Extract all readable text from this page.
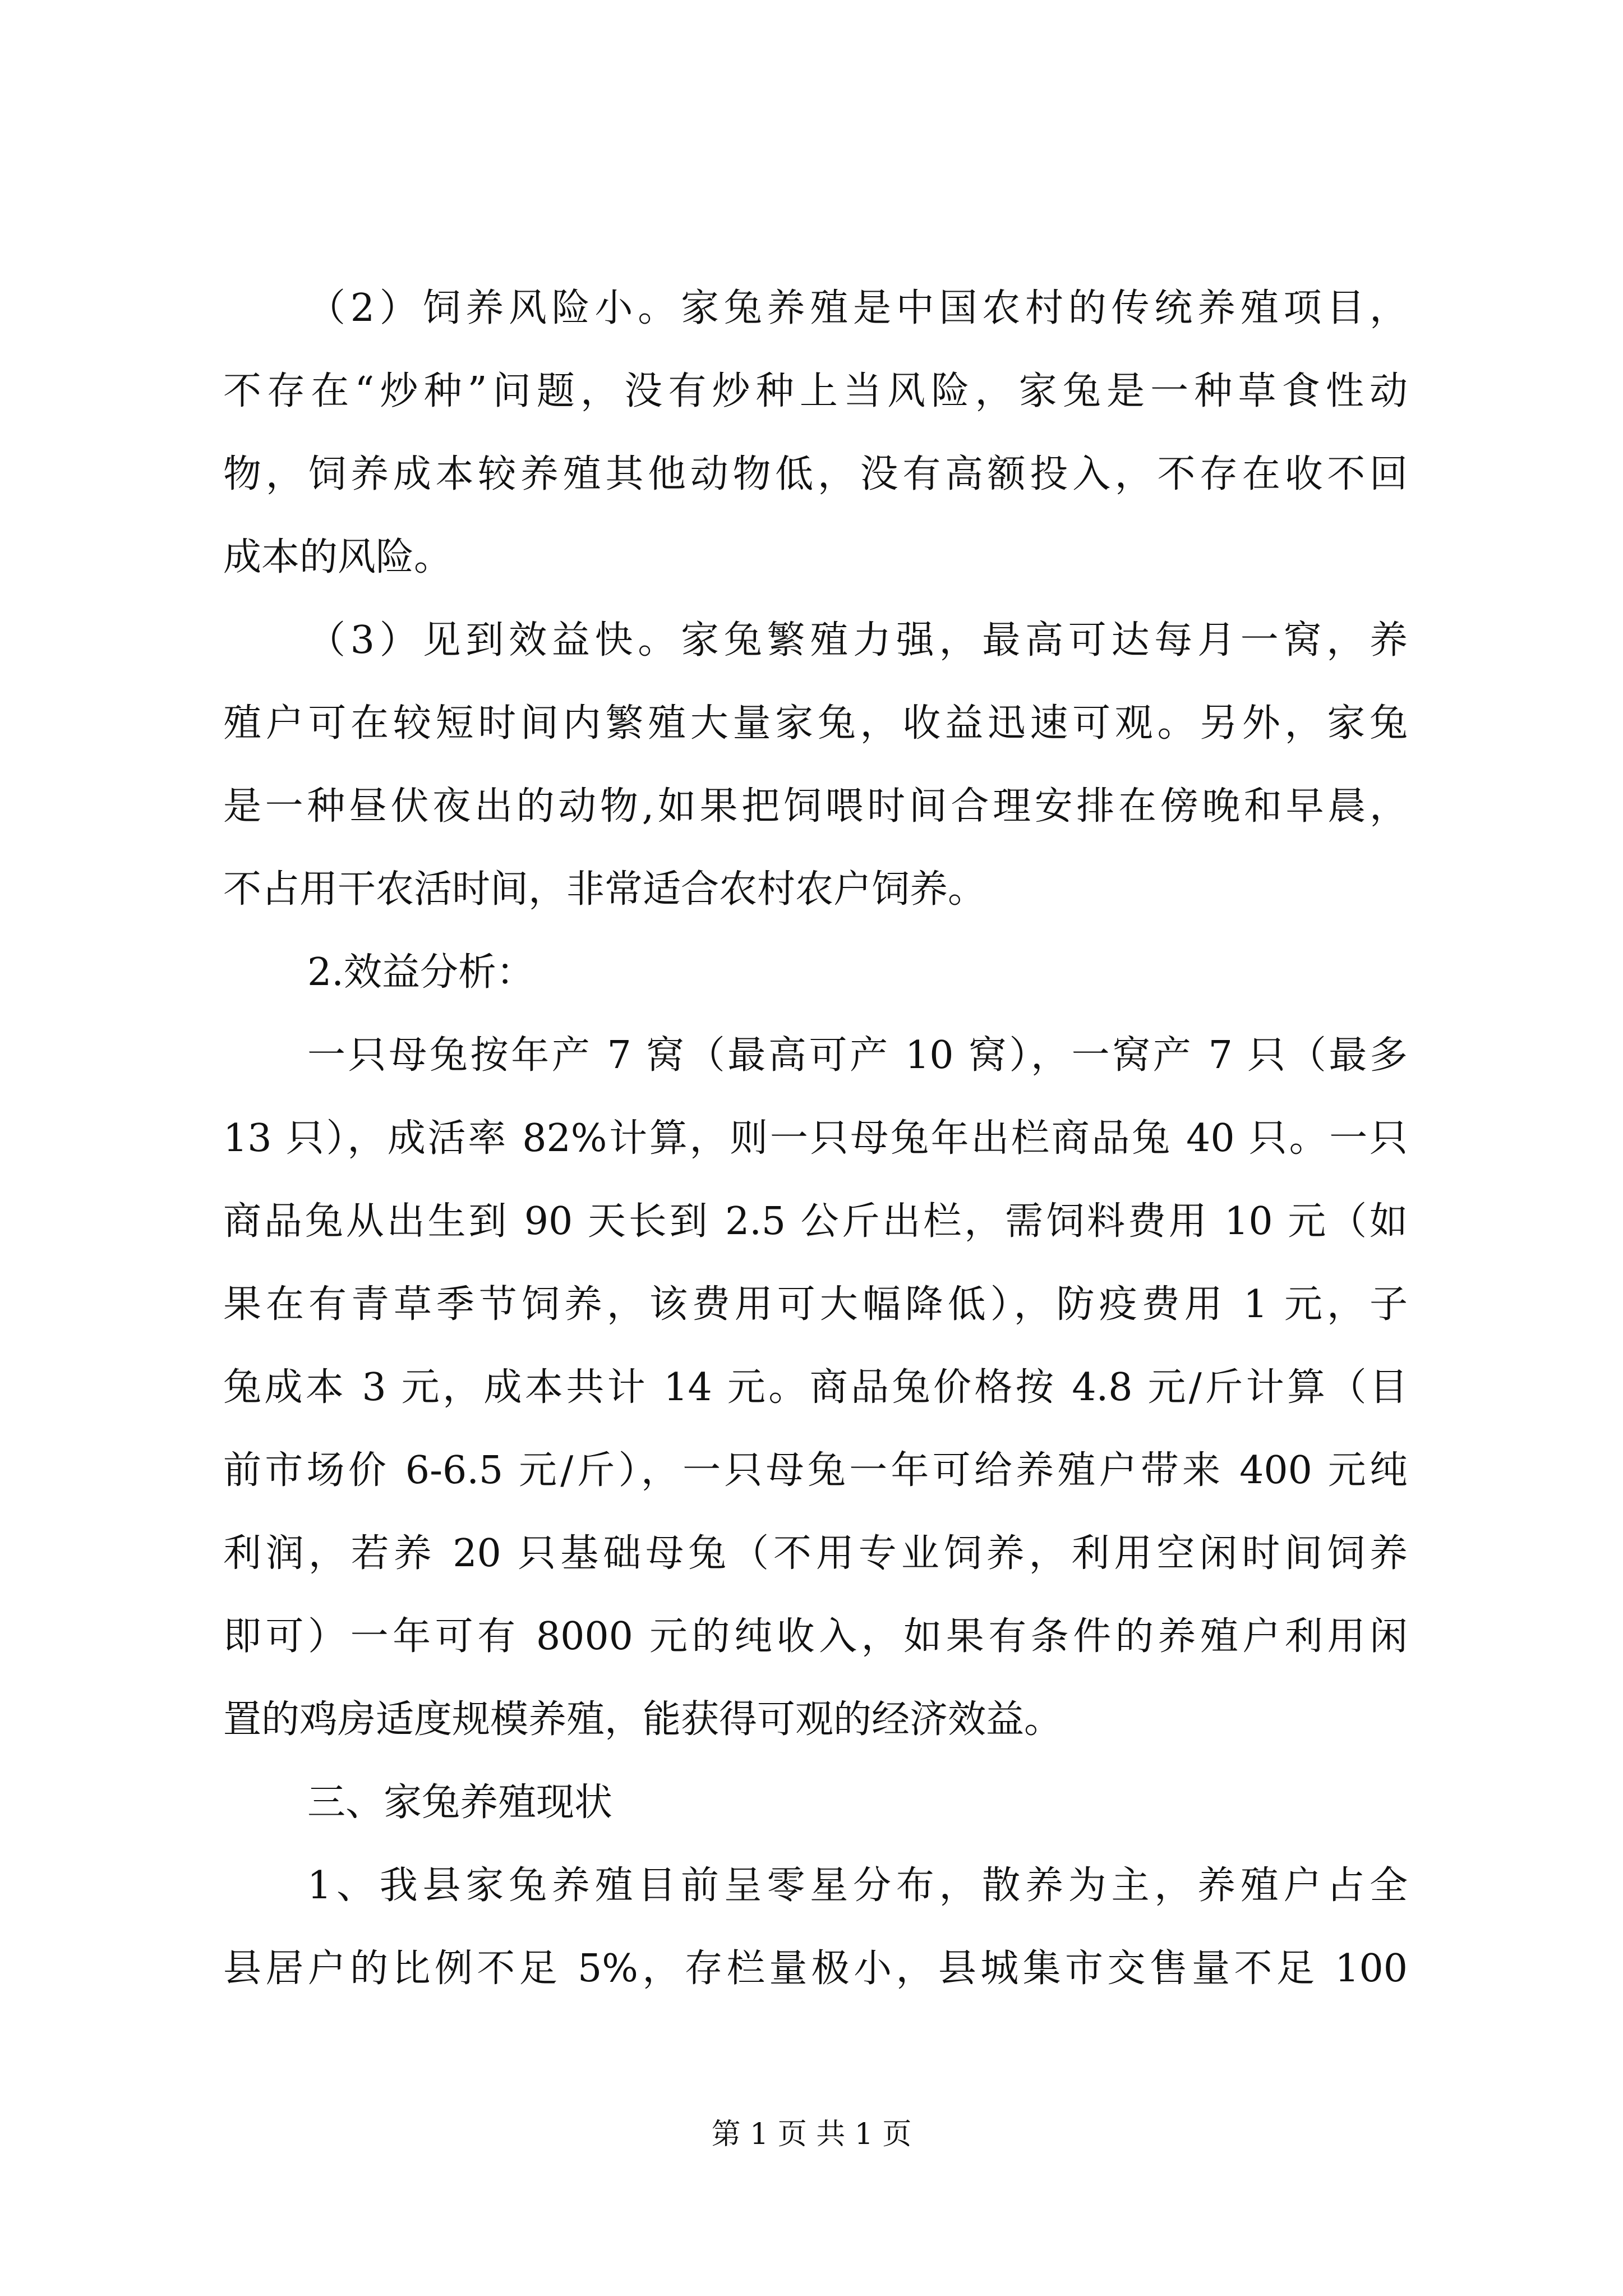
（2）饲养风险小。家兔养殖是中国农村的传统养殖项目，
不存在“炒种”问题，没有炒种上当风险，家兔是一种草食性动
物，饲养成本较养殖其他动物低，没有高额投入，不存在收不回
成本的风险。
（3）见到效益快。家兔繁殖力强，最高可达每月一窝，养
殖户可在较短时间内繁殖大量家兔，收益迅速可观。另外，家兔
是一种昼伏夜出的动物,如果把饲喂时间合理安排在傍晚和早晨，
不占用干农活时间，非常适合农村农户饲养。
2.效益分析：
一只母兔按年产 7 窝（最高可产 10 窝），一窝产 7 只（最多
13 只），成活率 82%计算，则一只母兔年出栏商品兔 40 只。一只
商品兔从出生到 90 天长到 2.5 公斤出栏，需饲料费用 10 元（如
果在有青草季节饲养，该费用可大幅降低），防疫费用 1 元，子
兔成本 3 元，成本共计 14 元。商品兔价格按 4.8 元/斤计算（目
前市场价 6-6.5 元/斤），一只母兔一年可给养殖户带来 400 元纯
利润，若养 20 只基础母兔（不用专业饲养，利用空闲时间饲养
即可）一年可有 8000 元的纯收入，如果有条件的养殖户利用闲
置的鸡房适度规模养殖，能获得可观的经济效益。
三、家兔养殖现状
1、我县家兔养殖目前呈零星分布，散养为主，养殖户占全
县居户的比例不足 5%，存栏量极小，县城集市交售量不足 100
第 1 页 共 1 页
